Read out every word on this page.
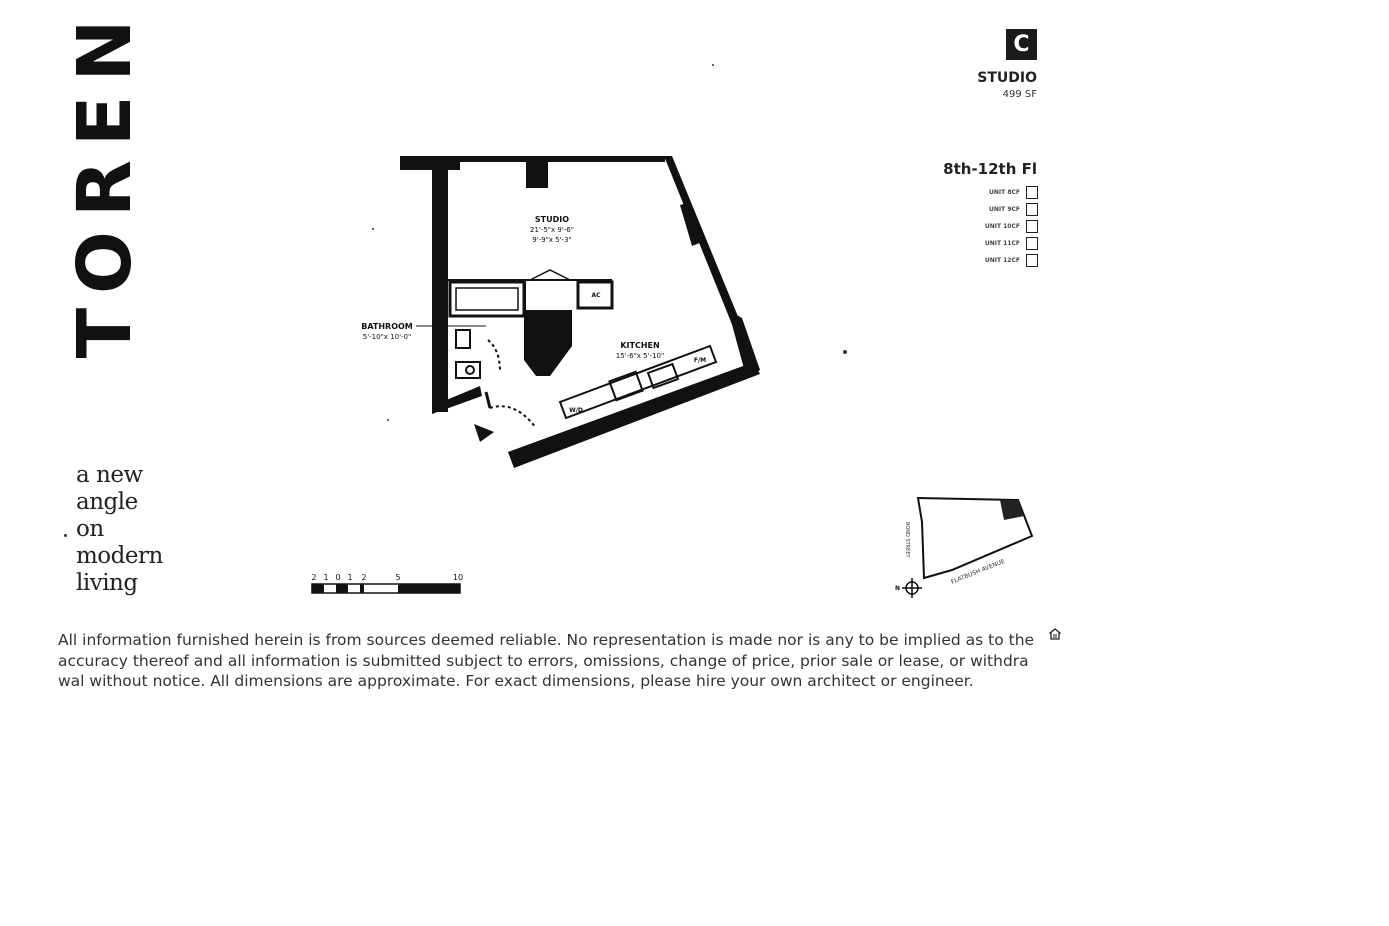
TOREN
a new
angle
on
modern
living
STUDIO
21'-5"x 9'-6"
9'-9"x 5'-3"
BATHROOM
5'-10"x 10'-0"
KITCHEN
15'-6"x 5'-10"
AC
W/D
F/M
C
STUDIO
499 SF
8th-12th Fl
UNIT 8CF
UNIT 9CF
UNIT 10CF
UNIT 11CF
UNIT 12CF
2 1 0 1 2	5	10
BOND STREET
FLATBUSH AVENUE
N
All information furnished herein is from sources deemed reliable. No representation is made nor is any to be implied as to the accuracy thereof and all information is submitted subject to errors, omissions, change of price, prior sale or lease, or withdrawal without notice. All dimensions are approximate. For exact dimensions, please hire your own architect or engineer.
